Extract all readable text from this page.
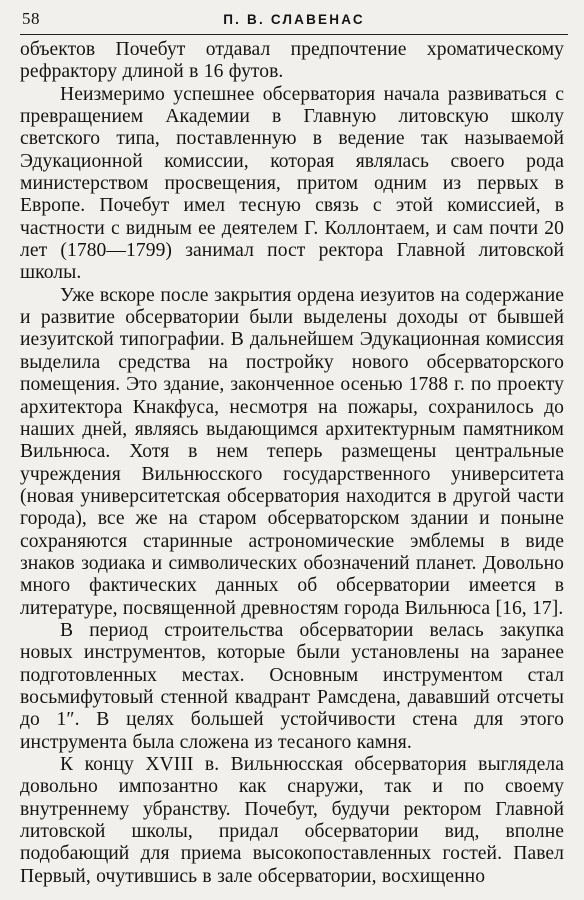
58	П. В. СЛАВЕНАС

объектов Почебут отдавал предпочтение хроматическому рефрактору длиной в 16 футов.

Неизмеримо успешнее обсерватория начала развиваться с превращением Академии в Главную литовскую школу светского типа, поставленную в ведение так называемой Эдукационной комиссии, которая являлась своего рода министерством просвещения, притом одним из первых в Европе. Почебут имел тесную связь с этой комиссией, в частности с видным ее деятелем Г. Коллонтаем, и сам почти 20 лет (1780—1799) занимал пост ректора Главной литовской школы.

Уже вскоре после закрытия ордена иезуитов на содержание и развитие обсерватории были выделены доходы от бывшей иезуитской типографии. В дальнейшем Эдукационная комиссия выделила средства на постройку нового обсерваторского помещения. Это здание, законченное осенью 1788 г. по проекту архитектора Кнакфуса, несмотря на пожары, сохранилось до наших дней, являясь выдающимся архитектурным памятником Вильнюса. Хотя в нем теперь размещены центральные учреждения Вильнюсского государственного университета (новая университетская обсерватория находится в другой части города), все же на старом обсерваторском здании и поныне сохраняются старинные астрономические эмблемы в виде знаков зодиака и символических обозначений планет. Довольно много фактических данных об обсерватории имеется в литературе, посвященной древностям города Вильнюса [16, 17].

В период строительства обсерватории велась закупка новых инструментов, которые были установлены на заранее подготовленных местах. Основным инструментом стал восьмифутовый стенной квадрант Рамсдена, дававший отсчеты до 1″. В целях большей устойчивости стена для этого инструмента была сложена из тесаного камня.

К концу XVIII в. Вильнюсская обсерватория выглядела довольно импозантно как снаружи, так и по своему внутреннему убранству. Почебут, будучи ректором Главной литовской школы, придал обсерватории вид, вполне подобающий для приема высокопоставленных гостей. Павел Первый, очутившись в зале обсерватории, восхищенно
